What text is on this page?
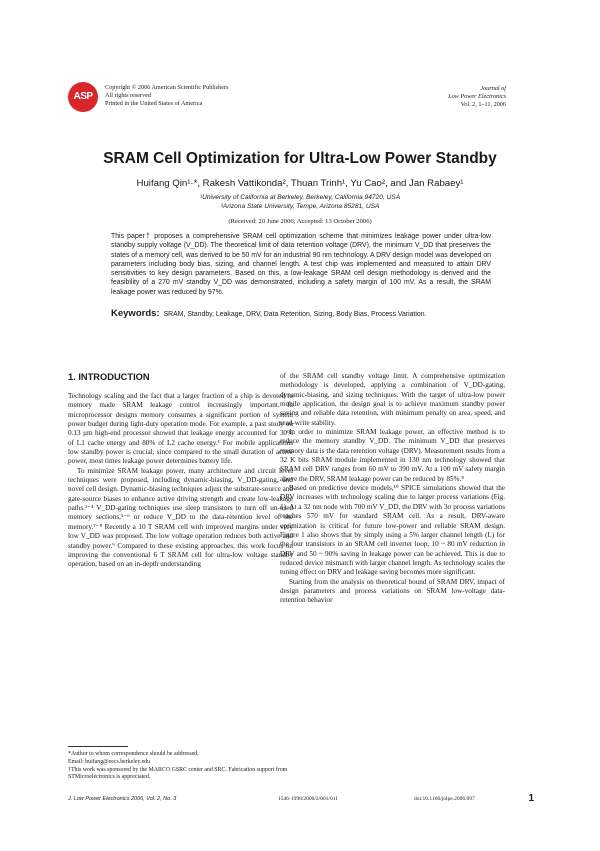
ASP
Copyright © 2006 American Scientific Publishers
All rights reserved
Printed in the United States of America
Journal of
Low Power Electronics
Vol. 2, 1–11, 2006
SRAM Cell Optimization for Ultra-Low Power Standby
Huifang Qin¹·*, Rakesh Vattikonda², Thuan Trinh¹, Yu Cao², and Jan Rabaey¹
¹University of California at Berkeley, Berkeley, California 94720, USA
²Arizona State University, Tempe, Arizona 85281, USA
(Received: 20 June 2006; Accepted: 13 October 2006)
This paper† proposes a comprehensive SRAM cell optimization scheme that minimizes leakage power under ultra-low standby supply voltage (V_DD). The theoretical limit of data retention voltage (DRV), the minimum V_DD that preserves the states of a memory cell, was derived to be 50 mV for an industrial 90 nm technology. A DRV design model was developed on parameters including body bias, sizing, and channel length. A test chip was implemented and measured to attain DRV sensitivities to key design parameters. Based on this, a low-leakage SRAM cell design methodology is derived and the feasibility of a 270 mV standby V_DD was demonstrated, including a safety margin of 100 mV. As a result, the SRAM leakage power was reduced by 97%.
Keywords: SRAM, Standby, Leakage, DRV, Data Retention, Sizing, Body Bias, Process Variation.
1. INTRODUCTION

Technology scaling and the fact that a larger fraction of a chip is devoted to memory made SRAM leakage control increasingly important. In microprocessor designs memory consumes a significant portion of system power budget during light-duty operation mode. For example, a past study on 0.13 μm high-end processor showed that leakage energy accounted for 30% of L1 cache energy and 80% of L2 cache energy.¹ For mobile applications low standby power is crucial, since compared to the small duration of active power, most times leakage power determines battery life.

To minimize SRAM leakage power, many architecture and circuit level techniques were proposed, including dynamic-biasing, V_DD-gating, and novel cell design. Dynamic-biasing techniques adjust the substrate-source and gate-source biases to enhance active driving strength and create low-leakage paths.²⁻⁴ V_DD-gating techniques use sleep transistors to turn off un-used memory sections,⁵⁻⁶ or reduce V_DD to the data-retention level of the memory.⁷⁻⁸ Recently a 10 T SRAM cell with improved margins under very low V_DD was proposed. The low voltage operation reduces both active and standby power.⁹ Compared to these existing approaches, this work focus on improving the conventional 6 T SRAM cell for ultra-low voltage standby operation, based on an in-depth understanding

of the SRAM cell standby voltage limit. A comprehensive optimization methodology is developed, applying a combination of V_DD-gating, dynamic-biasing, and sizing techniques. With the target of ultra-low power mobile application, the design goal is to achieve maximum standby power saving and reliable data retention, with minimum penalty on area, speed, and read-write stability.

In order to minimize SRAM leakage power, an effective method is to reduce the memory standby V_DD. The minimum V_DD that preserves memory data is the data retention voltage (DRV). Measurement results from a 32 K bits SRAM module implemented in 130 nm technology showed that SRAM cell DRV ranges from 60 mV to 390 mV. At a 100 mV safety margin above the DRV, SRAM leakage power can be reduced by 85%.⁸

Based on predictive device models,¹⁰ SPICE simulations showed that the DRV increases with technology scaling due to larger process variations (Fig. 1). At a 32 nm node with 700 mV V_DD, the DRV with 3σ process variations reaches 570 mV for standard SRAM cell. As a result, DRV-aware optimization is critical for future low-power and reliable SRAM design. Figure 1 also shows that by simply using a 5% larger channel length (L) for the four transistors in an SRAM cell inverter loop, 10 ~ 80 mV reduction in DRV and 50 ~ 90% saving in leakage power can be achieved. This is due to reduced device mismatch with larger channel length. As technology scales the tuning effect on DRV and leakage saving becomes more significant.

Starting from the analysis on theoretical bound of SRAM DRV, impact of design parameters and process variations on SRAM low-voltage data-retention behavior

*Author to whom correspondence should be addressed.

Email: huifang@eecs.berkeley.edu

†This work was sponsored by the MARCO GSRC center and SRC. Fabrication support from STMicroelectronics is appreciated.

J. Low Power Electronics 2006, Vol. 2, No. 3	1546-1998/2006/2/001/011	doi:10.1166/jolpe.2006.097	1
